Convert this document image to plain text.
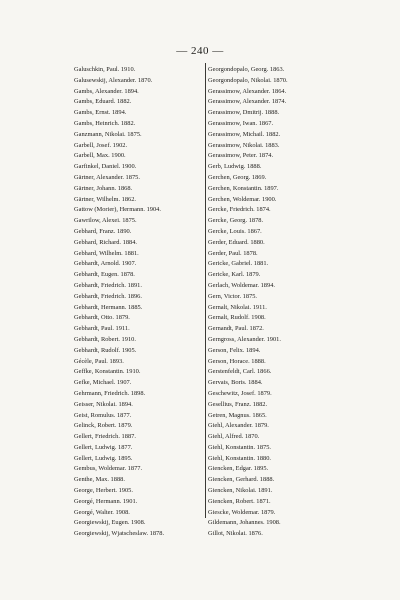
— 240 —
Galuschkin, Paul. 1910.
Galusewskij, Alexander. 1870.
Gambs, Alexander. 1894.
Gambs, Eduard. 1882.
Gambs, Ernst. 1894.
Gambs, Heinrich. 1882.
Ganzmann, Nikolai. 1875.
Garbell, Josef. 1902.
Garbell, Max. 1900.
Garfinkel, Daniel. 1900.
Gärtner, Alexander. 1875.
Gärtner, Johann. 1868.
Gärtner, Wilhelm. 1862.
Gattow (Morier), Hermann. 1904.
Gawrilow, Alexei. 1875.
Gebhard, Franz. 1890.
Gebhard, Richard. 1884.
Gebhard, Wilhelm. 1881.
Gebhardt, Arnold. 1907.
Gebhardt, Eugen. 1878.
Gebhardt, Friedrich. 1891.
Gebhardt, Friedrich. 1896.
Gebhardt, Hermann. 1885.
Gebhardt, Otto. 1879.
Gebhardt, Paul. 1911.
Gebhardt, Robert. 1910.
Gebhardt, Rudolf. 1905.
Gécèle, Paul. 1893.
Geffke, Konstantin. 1910.
Gefke, Michael. 1907.
Gehrmann, Friedrich. 1898.
Geisser, Nikolai. 1894.
Geist, Romulus. 1877.
Gelinck, Robert. 1879.
Gellert, Friedrich. 1887.
Gellert, Ludwig. 1877.
Gellert, Ludwig. 1895.
Gembus, Woldemar. 1877.
Genthe, Max. 1888.
George, Herbert. 1905.
Georgé, Hermann. 1901.
Georgé, Walter. 1908.
Georgiewskij, Eugen. 1908.
Georgiewskij, Wjatscheslaw. 1878.
Georgondopalo, Georg. 1863.
Georgondopalo, Nikolai. 1870.
Gerassimow, Alexander. 1864.
Gerassimow, Alexander. 1874.
Gerassimow, Dmitrij. 1888.
Gerassimow, Iwan. 1867.
Gerassimow, Michail. 1882.
Gerassimow, Nikolai. 1883.
Gerassimow, Peter. 1874.
Gerb, Ludwig. 1888.
Gerchen, Georg. 1869.
Gerchen, Konstantin. 1897.
Gerchen, Woldemar. 1900.
Gercke, Friedrich. 1874.
Gercke, Georg. 1878.
Gercke, Louis. 1867.
Gerder, Eduard. 1880.
Gerder, Paul. 1878.
Gericke, Gabriel. 1881.
Gericke, Karl. 1879.
Gerlach, Woldemar. 1894.
Gern, Victor. 1875.
Gernalt, Nikolai. 1911.
Gernalt, Rudolf. 1908.
Gernandt, Paul. 1872.
Gerngross, Alexander. 1901.
Gerson, Felix. 1894.
Gerson, Horace. 1888.
Gerstenfeldt, Carl. 1866.
Gervais, Boris. 1884.
Geschewitz, Josef. 1879.
Gesellius, Franz. 1882.
Getren, Magnus. 1865.
Giehl, Alexander. 1879.
Giehl, Alfred. 1870.
Giehl, Konstantin. 1875.
Giehl, Konstantin. 1880.
Giencken, Edgar. 1895.
Giencken, Gerhard. 1888.
Giencken, Nikolai. 1891.
Giencken, Robert. 1871.
Giescke, Woldemar. 1879.
Gildemann, Johannes. 1908.
Gillot, Nikolai. 1876.
